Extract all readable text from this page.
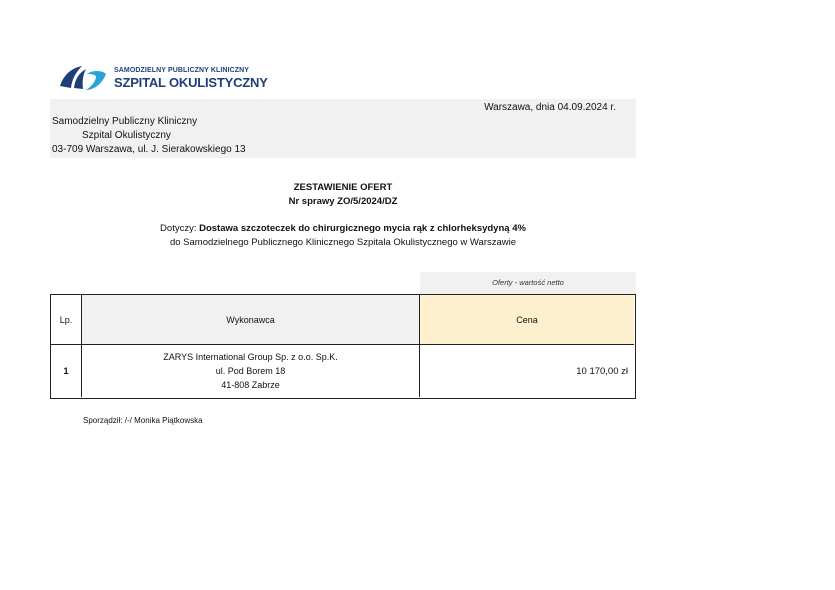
SAMODZIELNY PUBLICZNY KLINICZNY
SZPITAL OKULISTYCZNY
Warszawa, dnia 04.09.2024 r.
Samodzielny Publiczny Kliniczny
Szpital Okulistyczny
03-709 Warszawa, ul. J. Sierakowskiego 13
ZESTAWIENIE OFERT
Nr sprawy ZO/5/2024/DZ
Dotyczy: Dostawa szczoteczek do chirurgicznego mycia rąk z chlorheksydyną 4%
do Samodzielnego Publicznego Klinicznego Szpitala Okulistycznego w Warszawie
Oferty - wartość netto
Lp.	Wykonawca	Cena
1
ZARYS International Group Sp. z o.o. Sp.K.
ul. Pod Borem 18
41-808 Zabrze
10 170,00 zł
Sporządził: /-/ Monika Piątkowska
